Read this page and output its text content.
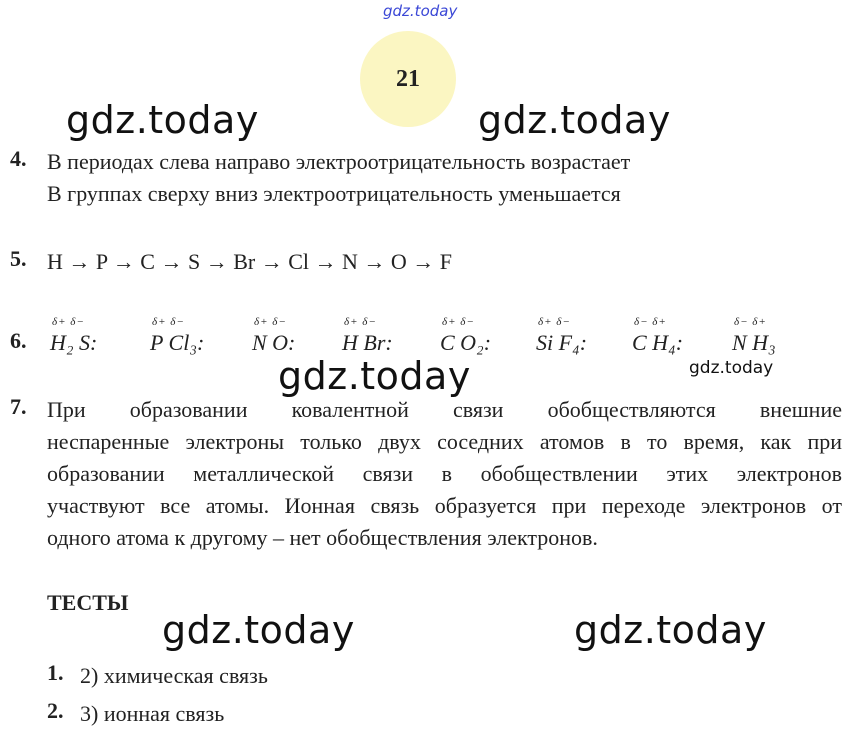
gdz.today
gdz.today	gdz.today
gdz.today	gdz.today
gdz.today	gdz.today
21
4. В периодах слева направо электроотрицательность возрастает
В группах сверху вниз электроотрицательность уменьшается
5. H → P → C → S → Br → Cl → N → O → F
6.
δ+ δ−
H₂ S:
δ+ δ−
P Cl₃:
δ+ δ−
N O:
δ+ δ−
H Br:
δ+ δ−
C O₂:
δ+ δ−
Si F₄:
δ− δ+
C H₄:
δ− δ+
N H₃
7. При образовании ковалентной связи обобществляются внешние
неспаренные электроны только двух соседних атомов в то время, как при
образовании металлической связи в обобществлении этих электронов
участвуют все атомы. Ионная связь образуется при переходе электронов от
одного атома к другому – нет обобществления электронов.
ТЕСТЫ
1. 2) химическая связь
2. 3) ионная связь
